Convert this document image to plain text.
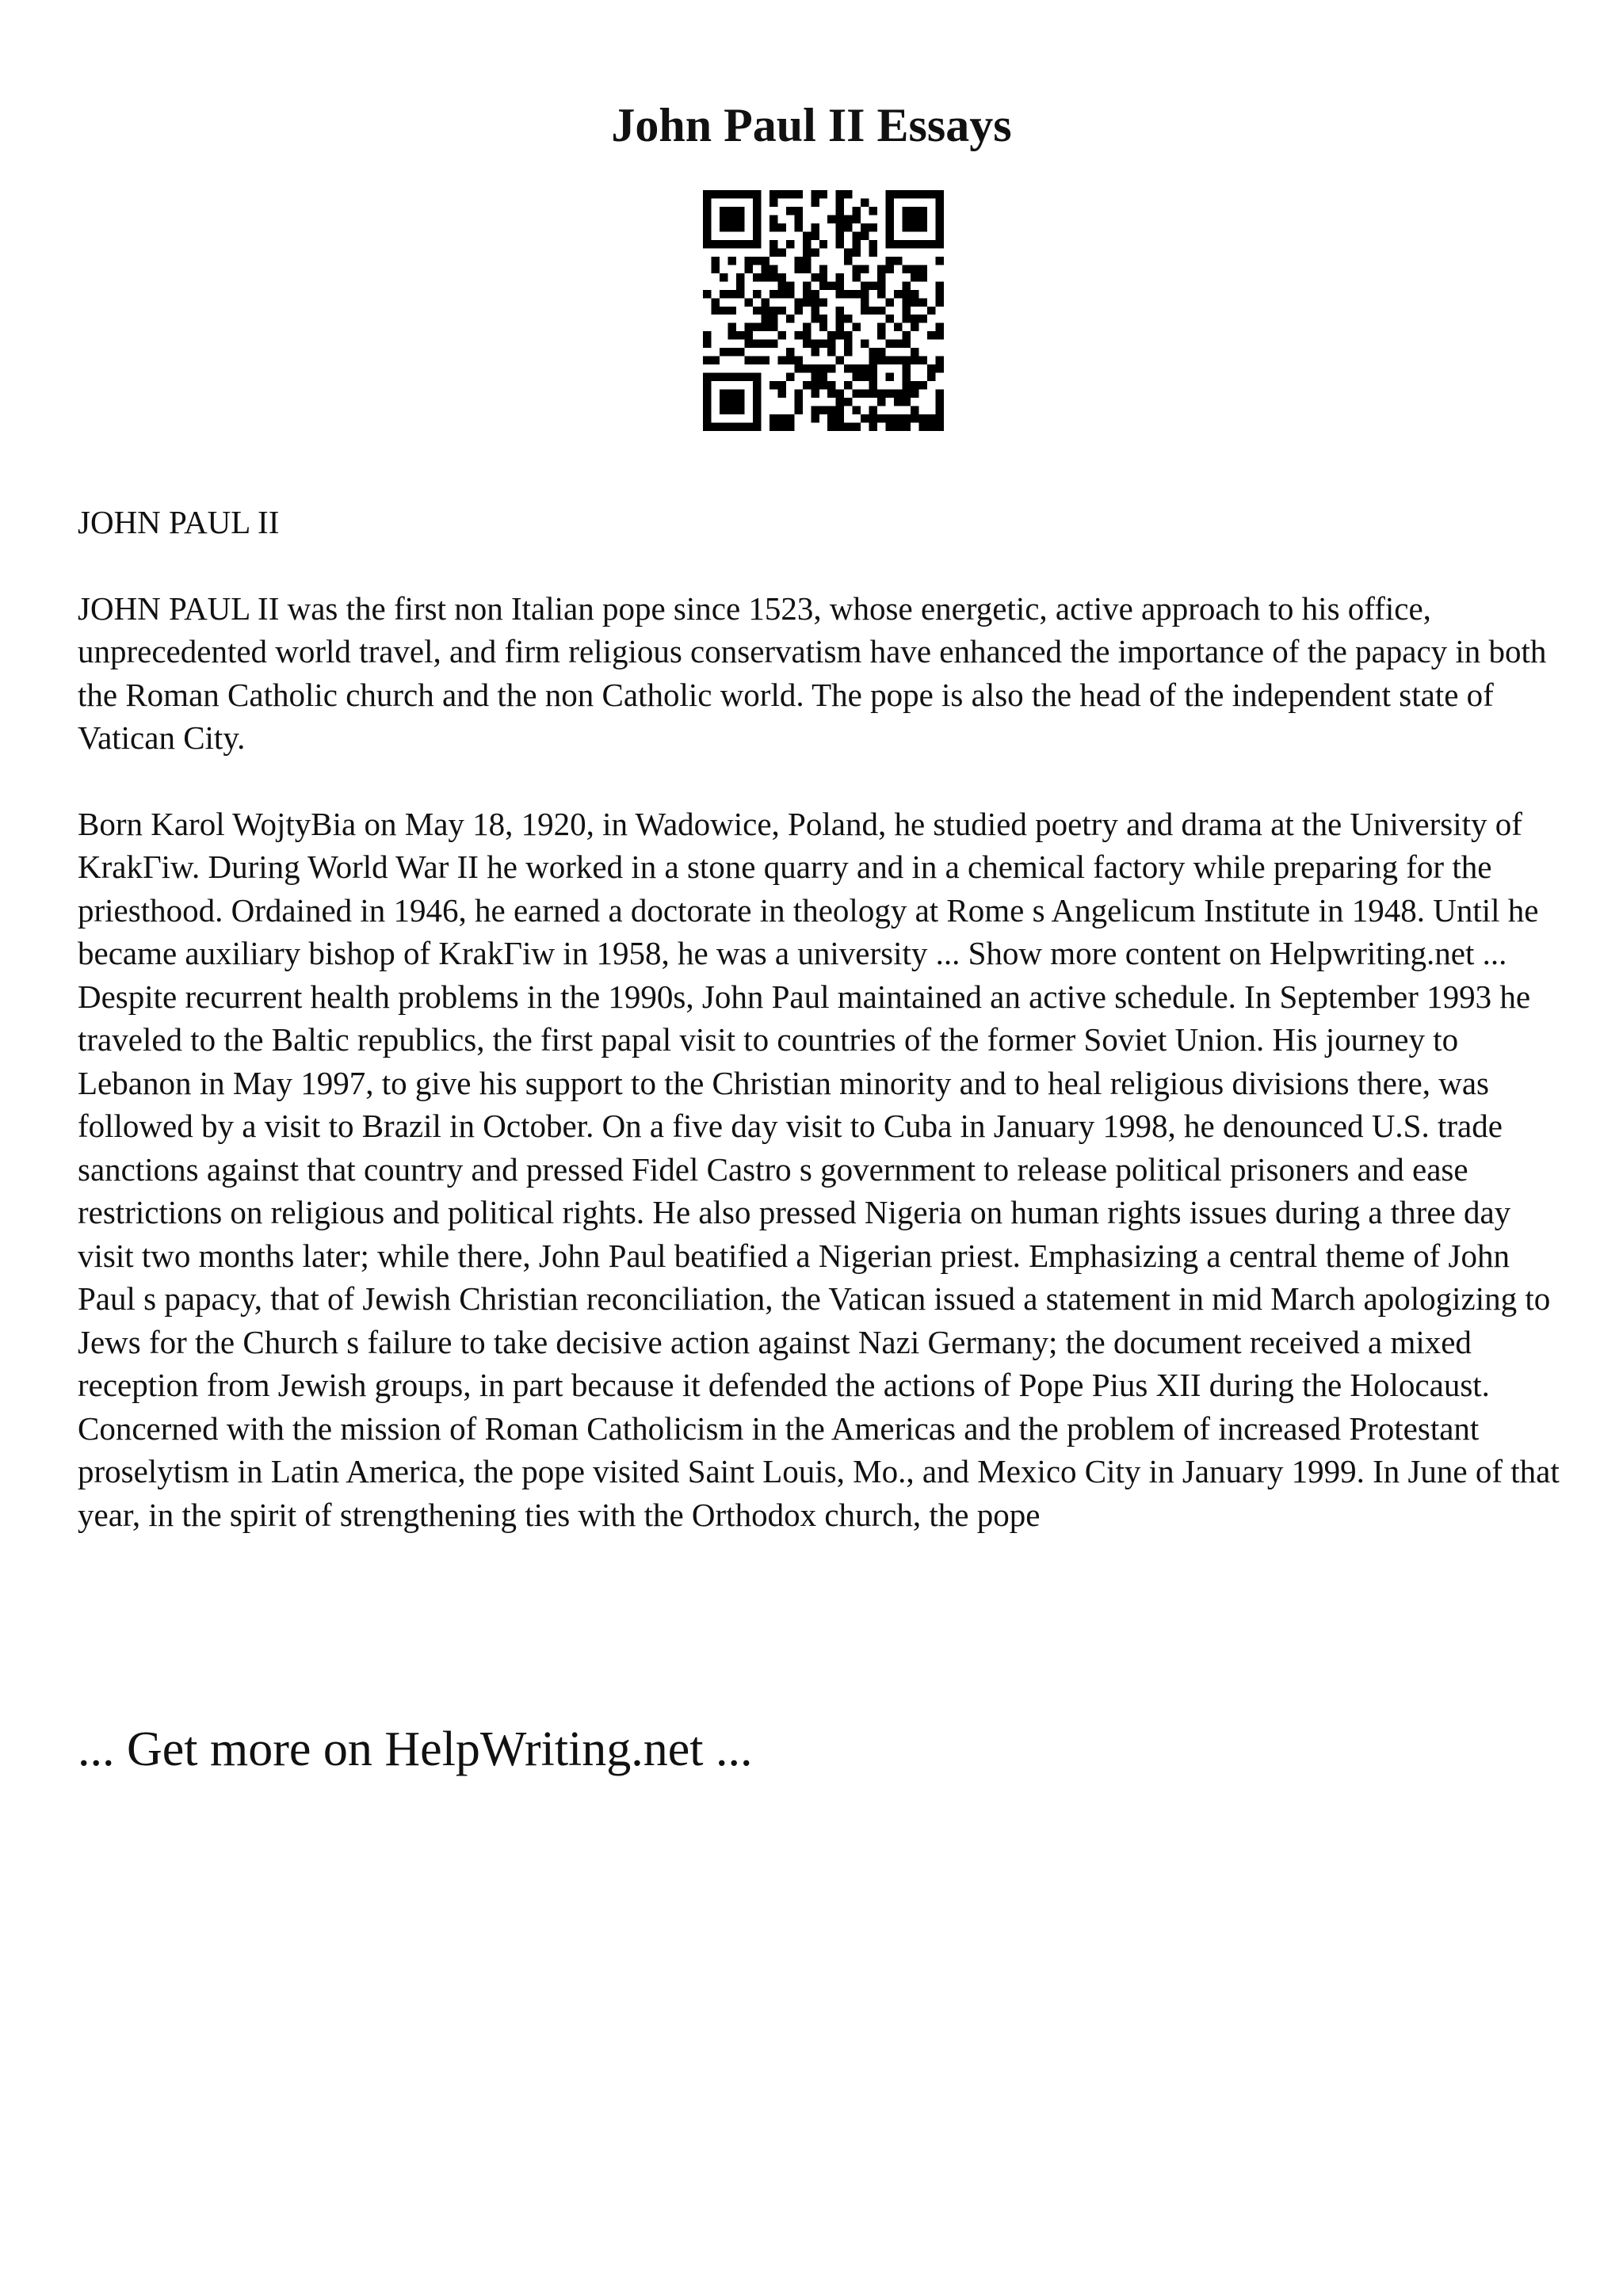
John Paul II Essays

JOHN PAUL II

JOHN PAUL II was the first non Italian pope since 1523, whose energetic, active approach to his office, unprecedented world travel, and firm religious conservatism have enhanced the importance of the papacy in both the Roman Catholic church and the non Catholic world. The pope is also the head of the independent state of Vatican City.

Born Karol WojtyВіa on May 18, 1920, in Wadowice, Poland, he studied poetry and drama at the University of KrakГіw. During World War II he worked in a stone quarry and in a chemical factory while preparing for the priesthood. Ordained in 1946, he earned a doctorate in theology at Rome s Angelicum Institute in 1948. Until he became auxiliary bishop of KrakГіw in 1958, he was a university ... Show more content on Helpwriting.net ...

Despite recurrent health problems in the 1990s, John Paul maintained an active schedule. In September 1993 he traveled to the Baltic republics, the first papal visit to countries of the former Soviet Union. His journey to Lebanon in May 1997, to give his support to the Christian minority and to heal religious divisions there, was followed by a visit to Brazil in October. On a five day visit to Cuba in January 1998, he denounced U.S. trade sanctions against that country and pressed Fidel Castro s government to release political prisoners and ease restrictions on religious and political rights. He also pressed Nigeria on human rights issues during a three day visit two months later; while there, John Paul beatified a Nigerian priest. Emphasizing a central theme of John Paul s papacy, that of Jewish Christian reconciliation, the Vatican issued a statement in mid March apologizing to Jews for the Church s failure to take decisive action against Nazi Germany; the document received a mixed reception from Jewish groups, in part because it defended the actions of Pope Pius XII during the Holocaust. Concerned with the mission of Roman Catholicism in the Americas and the problem of increased Protestant proselytism in Latin America, the pope visited Saint Louis, Mo., and Mexico City in January 1999. In June of that year, in the spirit of strengthening ties with the Orthodox church, the pope

... Get more on HelpWriting.net ...
